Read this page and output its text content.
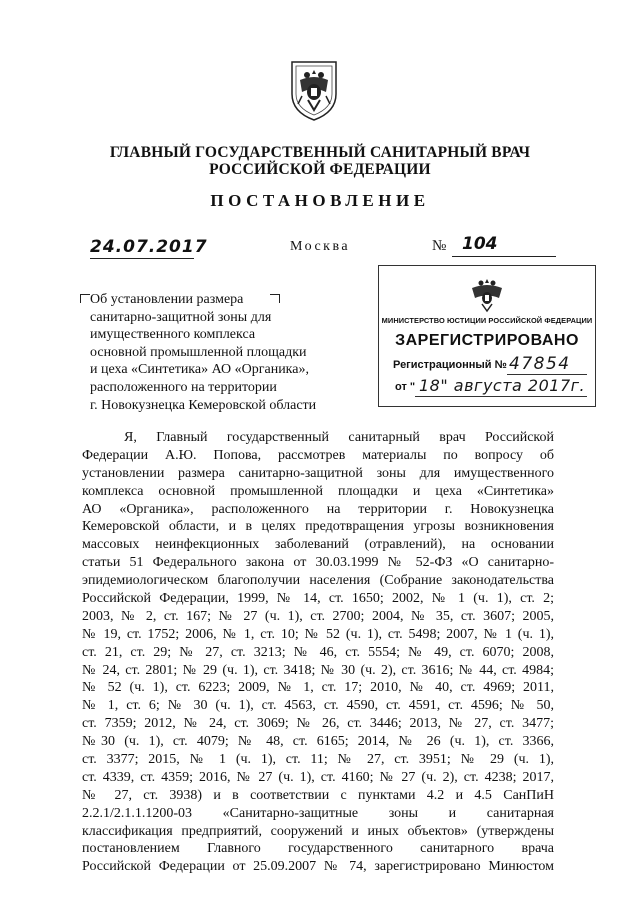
ГЛАВНЫЙ ГОСУДАРСТВЕННЫЙ САНИТАРНЫЙ ВРАЧ
РОССИЙСКОЙ ФЕДЕРАЦИИ
ПОСТАНОВЛЕНИЕ
24.07.2017	Москва	№ 104
Об установлении размера
санитарно-защитной зоны для
имущественного комплекса
основной промышленной площадки
и цеха «Синтетика» АО «Органика»,
расположенного на территории
г. Новокузнецка Кемеровской области
МИНИСТЕРСТВО ЮСТИЦИИ РОССИЙСКОЙ ФЕДЕРАЦИИ
ЗАРЕГИСТРИРОВАНО
Регистрационный № 47854
от " 18" августа 2017г.
Я, Главный государственный санитарный врач Российской
Федерации А.Ю. Попова, рассмотрев материалы по вопросу об
установлении размера санитарно-защитной зоны для имущественного
комплекса основной промышленной площадки и цеха «Синтетика»
АО «Органика», расположенного на территории г. Новокузнецка
Кемеровской области, и в целях предотвращения угрозы возникновения
массовых неинфекционных заболеваний (отравлений), на основании
статьи 51 Федерального закона от 30.03.1999 № 52-ФЗ «О санитарно-
эпидемиологическом благополучии населения (Собрание законодательства
Российской Федерации, 1999, № 14, ст. 1650; 2002, № 1 (ч. 1), ст. 2;
2003, № 2, ст. 167; № 27 (ч. 1), ст. 2700; 2004, № 35, ст. 3607; 2005,
№ 19, ст. 1752; 2006, № 1, ст. 10; № 52 (ч. 1), ст. 5498; 2007, № 1 (ч. 1),
ст. 21, ст. 29; № 27, ст. 3213; № 46, ст. 5554; № 49, ст. 6070; 2008,
№ 24, ст. 2801; № 29 (ч. 1), ст. 3418; № 30 (ч. 2), ст. 3616; № 44, ст. 4984;
№ 52 (ч. 1), ст. 6223; 2009, № 1, ст. 17; 2010, № 40, ст. 4969; 2011,
№ 1, ст. 6; № 30 (ч. 1), ст. 4563, ст. 4590, ст. 4591, ст. 4596; № 50,
ст. 7359; 2012, № 24, ст. 3069; № 26, ст. 3446; 2013, № 27, ст. 3477;
№30 (ч. 1), ст. 4079; № 48, ст. 6165; 2014, № 26 (ч. 1), ст. 3366,
ст. 3377; 2015, № 1 (ч. 1), ст. 11; № 27, ст. 3951; № 29 (ч. 1),
ст. 4339, ст. 4359; 2016, № 27 (ч. 1), ст. 4160; № 27 (ч. 2), ст. 4238; 2017,
№ 27, ст. 3938) и в соответствии с пунктами 4.2 и 4.5 СанПиН
2.2.1/2.1.1.1200-03 «Санитарно-защитные зоны и санитарная
классификация предприятий, сооружений и иных объектов» (утверждены
постановлением Главного государственного санитарного врача
Российской Федерации от 25.09.2007 № 74, зарегистрировано Минюстом
